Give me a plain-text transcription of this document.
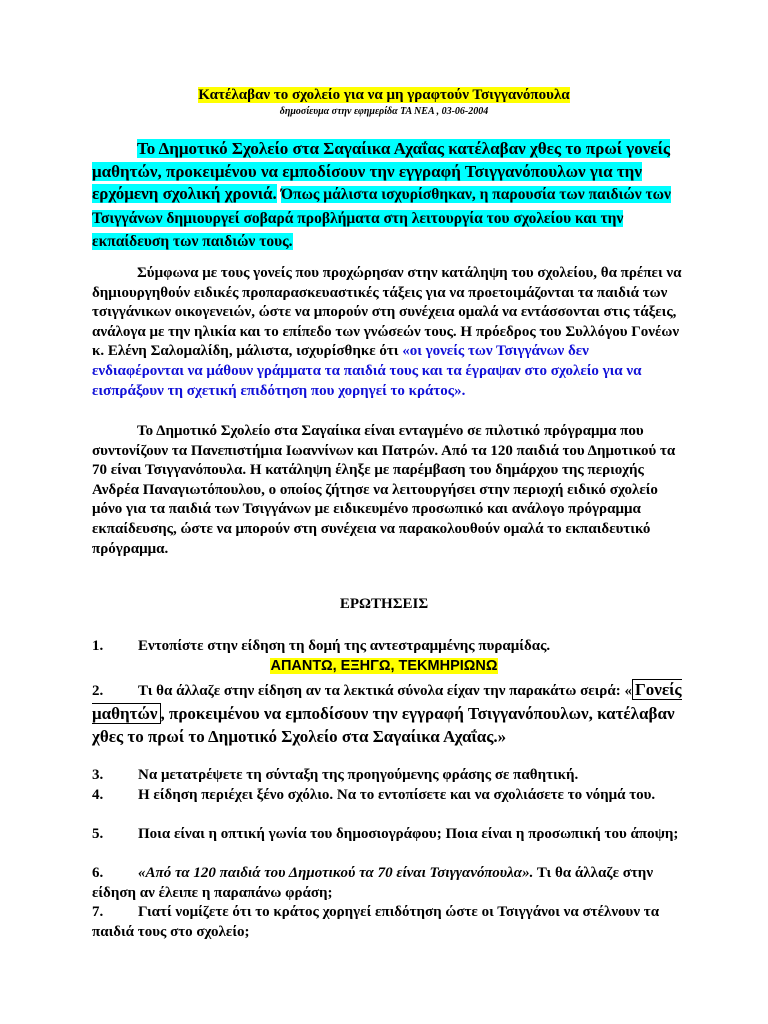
Κατέλαβαν το σχολείο για να μη γραφτούν Τσιγγανόπουλα
δημοσίευμα στην εφημερίδα ΤΑ ΝΕΑ , 03-06-2004
Το Δημοτικό Σχολείο στα Σαγαίικα Αχαΐας κατέλαβαν χθες το πρωί γονείς μαθητών, προκειμένου να εμποδίσουν την εγγραφή Τσιγγανόπουλων για την ερχόμενη σχολική χρονιά. Όπως μάλιστα ισχυρίσθηκαν, η παρουσία των παιδιών των Τσιγγάνων δημιουργεί σοβαρά προβλήματα στη λειτουργία του σχολείου και την εκπαίδευση των παιδιών τους.
Σύμφωνα με τους γονείς που προχώρησαν στην κατάληψη του σχολείου, θα πρέπει να δημιουργηθούν ειδικές προπαρασκευαστικές τάξεις για να προετοιμάζονται τα παιδιά των τσιγγάνικων οικογενειών, ώστε να μπορούν στη συνέχεια ομαλά να εντάσσονται στις τάξεις, ανάλογα με την ηλικία και το επίπεδο των γνώσεών τους. Η πρόεδρος του Συλλόγου Γονέων κ. Ελένη Σαλομαλίδη, μάλιστα, ισχυρίσθηκε ότι «οι γονείς των Τσιγγάνων δεν ενδιαφέρονται να μάθουν γράμματα τα παιδιά τους και τα έγραψαν στο σχολείο για να εισπράξουν τη σχετική επιδότηση που χορηγεί το κράτος».
Το Δημοτικό Σχολείο στα Σαγαίικα είναι ενταγμένο σε πιλοτικό πρόγραμμα που συντονίζουν τα Πανεπιστήμια Ιωαννίνων και Πατρών. Από τα 120 παιδιά του Δημοτικού τα 70 είναι Τσιγγανόπουλα. Η κατάληψη έληξε με παρέμβαση του δημάρχου της περιοχής Ανδρέα Παναγιωτόπουλου, ο οποίος ζήτησε να λειτουργήσει στην περιοχή ειδικό σχολείο μόνο για τα παιδιά των Τσιγγάνων με ειδικευμένο προσωπικό και ανάλογο πρόγραμμα εκπαίδευσης, ώστε να μπορούν στη συνέχεια να παρακολουθούν ομαλά το εκπαιδευτικό πρόγραμμα.
ΕΡΩΤΗΣΕΙΣ
1. Εντοπίστε στην είδηση τη δομή της αντεστραμμένης πυραμίδας.
ΑΠΑΝΤΩ, ΕΞΗΓΩ, ΤΕΚΜΗΡΙΩΝΩ
2. Τι θα άλλαζε στην είδηση αν τα λεκτικά σύνολα είχαν την παρακάτω σειρά: « Γονείς μαθητών , προκειμένου να εμποδίσουν την εγγραφή Τσιγγανόπουλων, κατέλαβαν χθες το πρωί το Δημοτικό Σχολείο στα Σαγαίικα Αχαΐας.»
3. Να μετατρέψετε τη σύνταξη της προηγούμενης φράσης σε παθητική.
4. Η είδηση περιέχει ξένο σχόλιο. Να το εντοπίσετε και να σχολιάσετε το νόημά του.
5. Ποια είναι η οπτική γωνία του δημοσιογράφου; Ποια είναι η προσωπική του άποψη;
6. «Από τα 120 παιδιά του Δημοτικού τα 70 είναι Τσιγγανόπουλα». Τι θα άλλαζε στην είδηση αν έλειπε η παραπάνω φράση;
7. Γιατί νομίζετε ότι το κράτος χορηγεί επιδότηση ώστε οι Τσιγγάνοι να στέλνουν τα παιδιά τους στο σχολείο;
